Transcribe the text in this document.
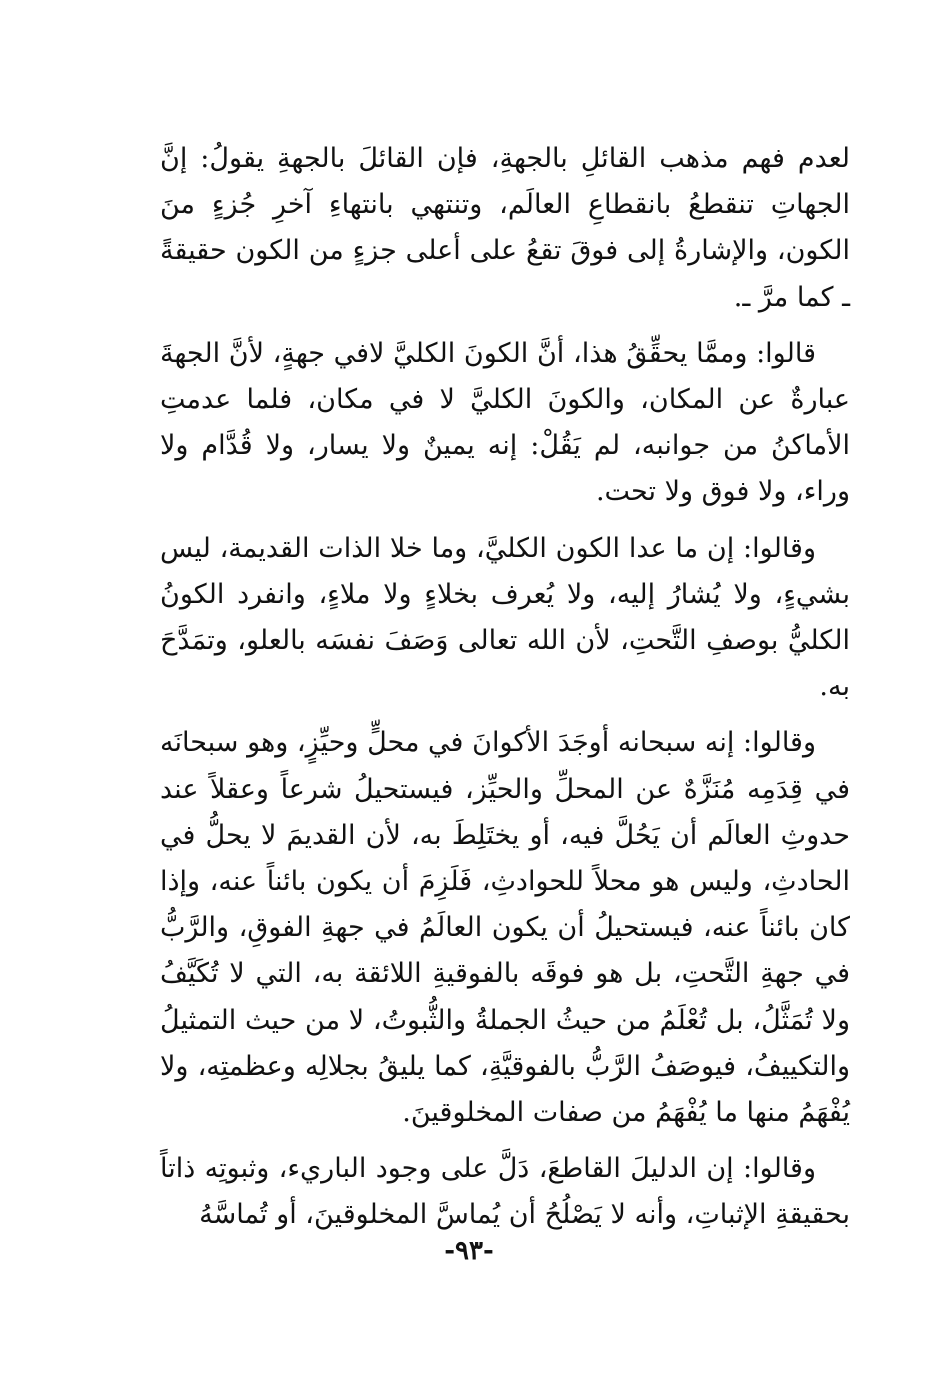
لعدم فهم مذهب القائلِ بالجهةِ، فإن القائلَ بالجهةِ يقولُ: إنَّ الجهاتِ تنقطعُ بانقطاعِ العالَم، وتنتهي بانتهاءِ آخرِ جُزءٍ منَ الكون، والإشارةُ إلى فوقَ تقعُ على أعلى جزءٍ من الكون حقيقةً ـ كما مرَّ ـ.

قالوا: وممَّا يحقِّقُ هذا، أنَّ الكونَ الكليَّ لافي جهةٍ، لأنَّ الجهةَ عبارةٌ عن المكان، والكونَ الكليَّ لا في مكان، فلما عدمتِ الأماكنُ من جوانبه، لم يَقُلْ: إنه يمينٌ ولا يسار، ولا قُدَّام ولا وراء، ولا فوق ولا تحت.

وقالوا: إن ما عدا الكون الكليَّ، وما خلا الذات القديمة، ليس بشيءٍ، ولا يُشارُ إليه، ولا يُعرف بخلاءٍ ولا ملاءٍ، وانفرد الكونُ الكليُّ بوصفِ التَّحتِ، لأن الله تعالى وَصَفَ نفسَه بالعلو، وتمَدَّحَ به.

وقالوا: إنه سبحانه أوجَدَ الأكوانَ في محلٍّ وحيِّزٍ، وهو سبحانَه في قِدَمِه مُنَزَّهٌ عن المحلِّ والحيِّز، فيستحيلُ شرعاً وعقلاً عند حدوثِ العالَم أن يَحُلَّ فيه، أو يختَلِطَ به، لأن القديمَ لا يحلُّ في الحادثِ، وليس هو محلاً للحوادثِ، فَلَزِمَ أن يكون بائناً عنه، وإذا كان بائناً عنه، فيستحيلُ أن يكون العالَمُ في جهةِ الفوقِ، والرَّبُّ في جهةِ التَّحتِ، بل هو فوقَه بالفوقيةِ اللائقة به، التي لا تُكَيَّفُ ولا تُمَثَّلُ، بل تُعْلَمُ من حيثُ الجملةُ والثُّبوتُ، لا من حيث التمثيلُ والتكييفُ، فيوصَفُ الرَّبُّ بالفوقيَّةِ، كما يليقُ بجلالِه وعظمتِه، ولا يُفْهَمُ منها ما يُفْهَمُ من صفات المخلوقينَ.

وقالوا: إن الدليلَ القاطعَ، دَلَّ على وجود الباريء، وثبوتِه ذاتاً بحقيقةِ الإثباتِ، وأنه لا يَصْلُحُ أن يُماسَّ المخلوقينَ، أو تُماسَّهُ

-٩٣-
